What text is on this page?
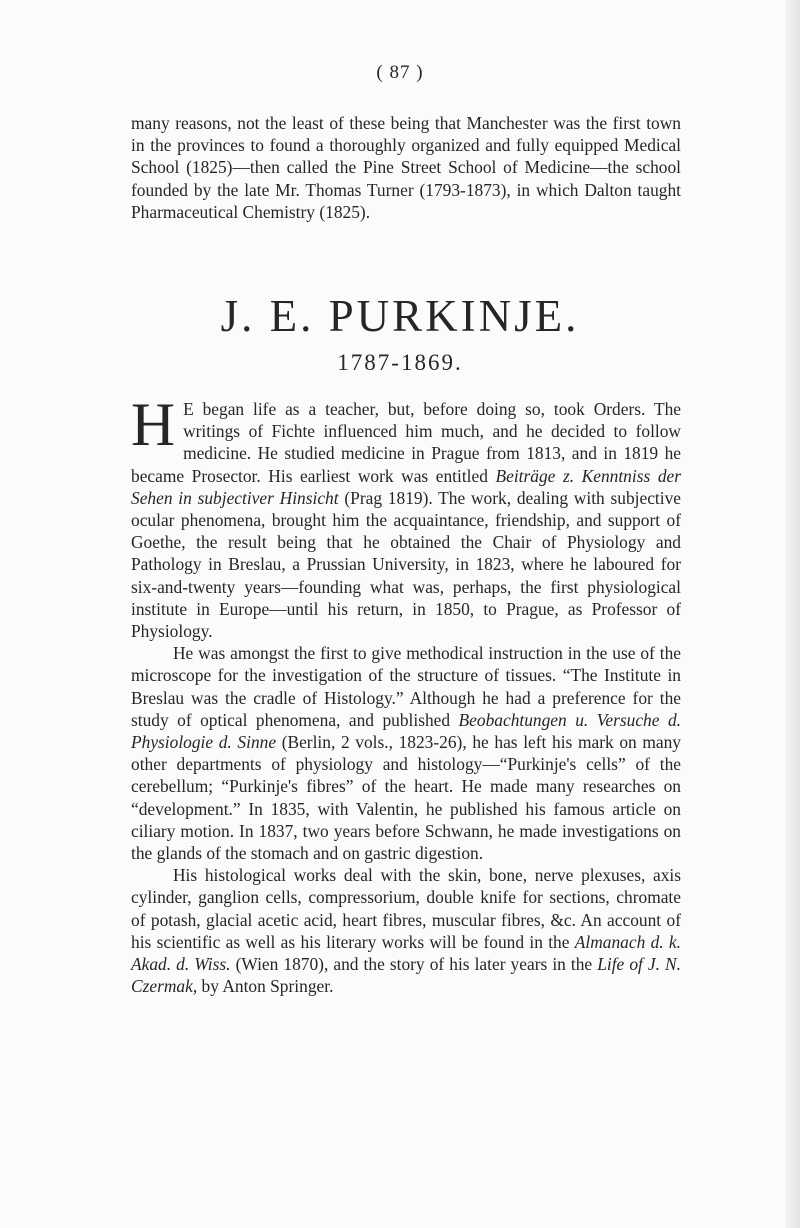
( 87 )

many reasons, not the least of these being that Manchester was the first town in the provinces to found a thoroughly organized and fully equipped Medical School (1825)—then called the Pine Street School of Medicine—the school founded by the late Mr. Thomas Turner (1793-1873), in which Dalton taught Pharmaceutical Chemistry (1825).

J. E. PURKINJE.
1787-1869.

H E began life as a teacher, but, before doing so, took Orders. The writings of Fichte influenced him much, and he decided to follow medicine. He studied medicine in Prague from 1813, and in 1819 he became Prosector. His earliest work was entitled Beiträge z. Kenntniss der Sehen in subjectiver Hinsicht (Prag 1819). The work, dealing with subjective ocular phenomena, brought him the acquaintance, friendship, and support of Goethe, the result being that he obtained the Chair of Physiology and Pathology in Breslau, a Prussian University, in 1823, where he laboured for six-and-twenty years—founding what was, perhaps, the first physiological institute in Europe—until his return, in 1850, to Prague, as Professor of Physiology.

He was amongst the first to give methodical instruction in the use of the microscope for the investigation of the structure of tissues. “The Institute in Breslau was the cradle of Histology.” Although he had a preference for the study of optical phenomena, and published Beobachtungen u. Versuche d. Physiologie d. Sinne (Berlin, 2 vols., 1823-26), he has left his mark on many other departments of physiology and histology—“Purkinje's cells” of the cerebellum; “Purkinje's fibres” of the heart. He made many researches on “development.” In 1835, with Valentin, he published his famous article on ciliary motion. In 1837, two years before Schwann, he made investigations on the glands of the stomach and on gastric digestion.

His histological works deal with the skin, bone, nerve plexuses, axis cylinder, ganglion cells, compressorium, double knife for sections, chromate of potash, glacial acetic acid, heart fibres, muscular fibres, &c. An account of his scientific as well as his literary works will be found in the Almanach d. k. Akad. d. Wiss. (Wien 1870), and the story of his later years in the Life of J. N. Czermak, by Anton Springer.
